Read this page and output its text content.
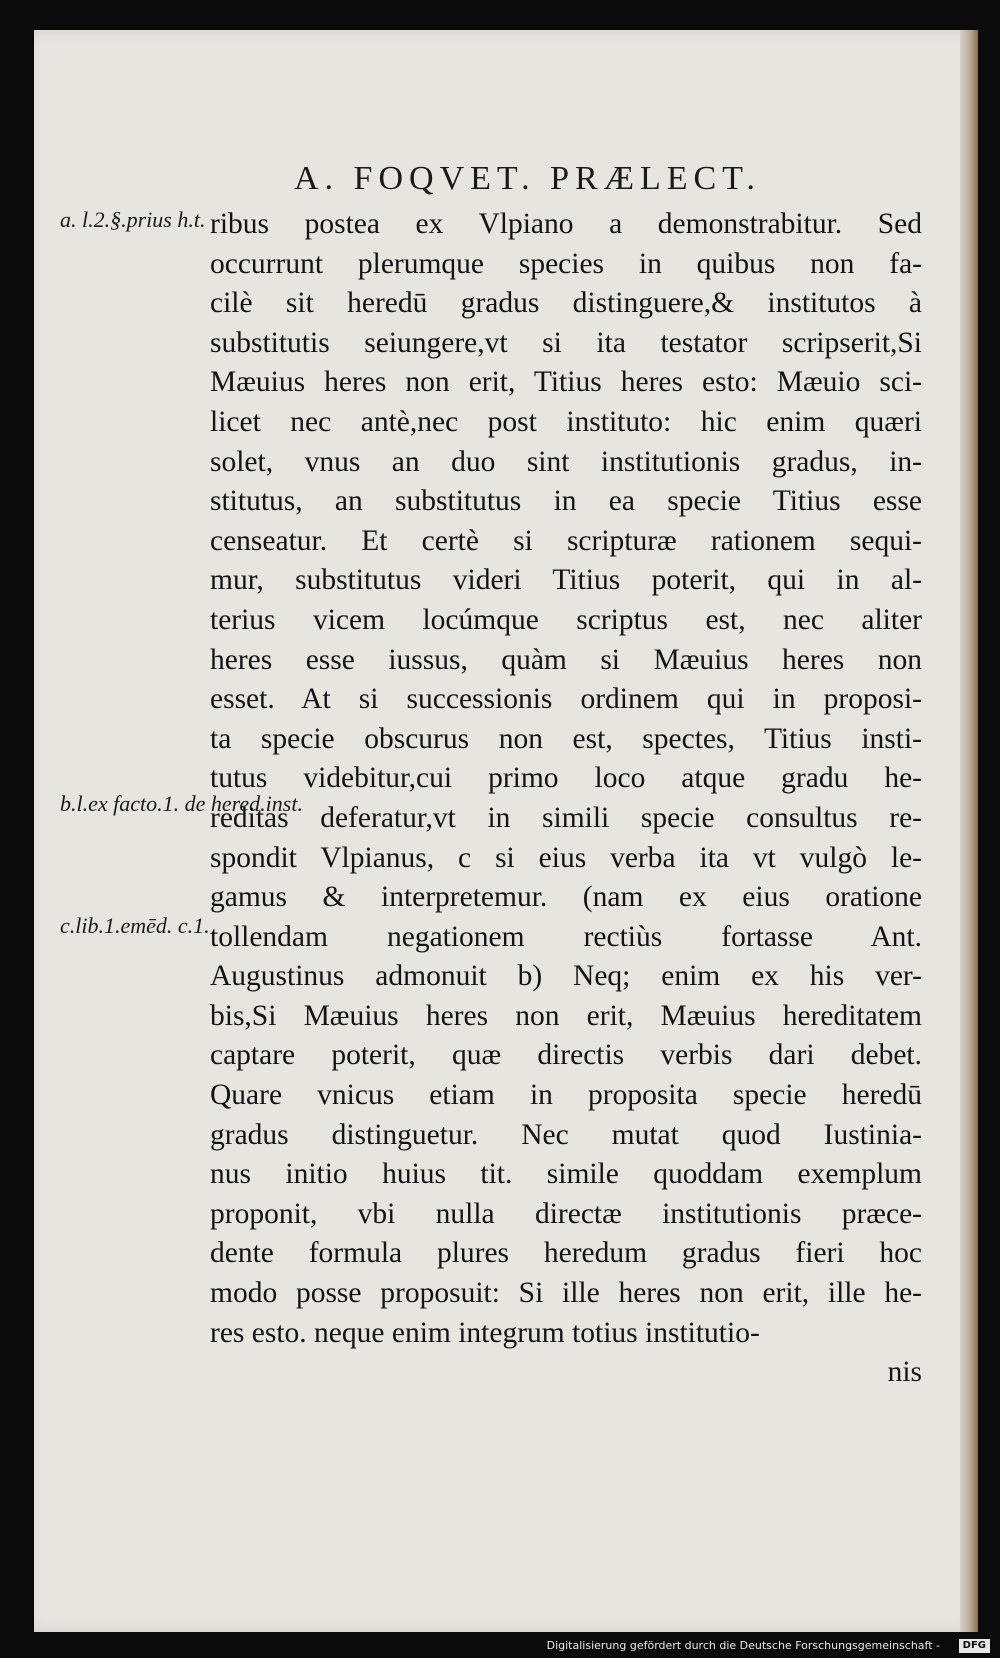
A. FOQVET. PRÆLECT.
a. l.2.§.prius h.t.
b.l.ex facto.1. de hered.inst.
c.lib.1.emēd. c.1.
ribus postea ex Vlpiano a demonstrabitur. Sed
occurrunt plerumque species in quibus non fa-
cilè sit heredū gradus distinguere,& institutos à
substitutis seiungere,vt si ita testator scripserit,Si
Mæuius heres non erit, Titius heres esto: Mæuio sci-
licet nec antè,nec post instituto: hic enim quæri
solet, vnus an duo sint institutionis gradus, in-
stitutus, an substitutus in ea specie Titius esse
censeatur. Et certè si scripturæ rationem sequi-
mur, substitutus videri Titius poterit, qui in al-
terius vicem locúmque scriptus est, nec aliter
heres esse iussus, quàm si Mæuius heres non
esset. At si successionis ordinem qui in proposi-
ta specie obscurus non est, spectes, Titius insti-
tutus videbitur,cui primo loco atque gradu he-
reditas deferatur,vt in simili specie consultus re-
spondit Vlpianus, c si eius verba ita vt vulgò le-
gamus & interpretemur. (nam ex eius oratione
tollendam negationem rectiùs fortasse Ant.
Augustinus admonuit b) Neq; enim ex his ver-
bis,Si Mæuius heres non erit, Mæuius hereditatem
captare poterit, quæ directis verbis dari debet.
Quare vnicus etiam in proposita specie heredū
gradus distinguetur. Nec mutat quod Iustinia-
nus initio huius tit. simile quoddam exemplum
proponit, vbi nulla directæ institutionis præce-
dente formula plures heredum gradus fieri hoc
modo posse proposuit: Si ille heres non erit, ille he-
res esto. neque enim integrum totius institutio-
nis
Digitalisierung gefördert durch die Deutsche Forschungsgemeinschaft -	DFG
